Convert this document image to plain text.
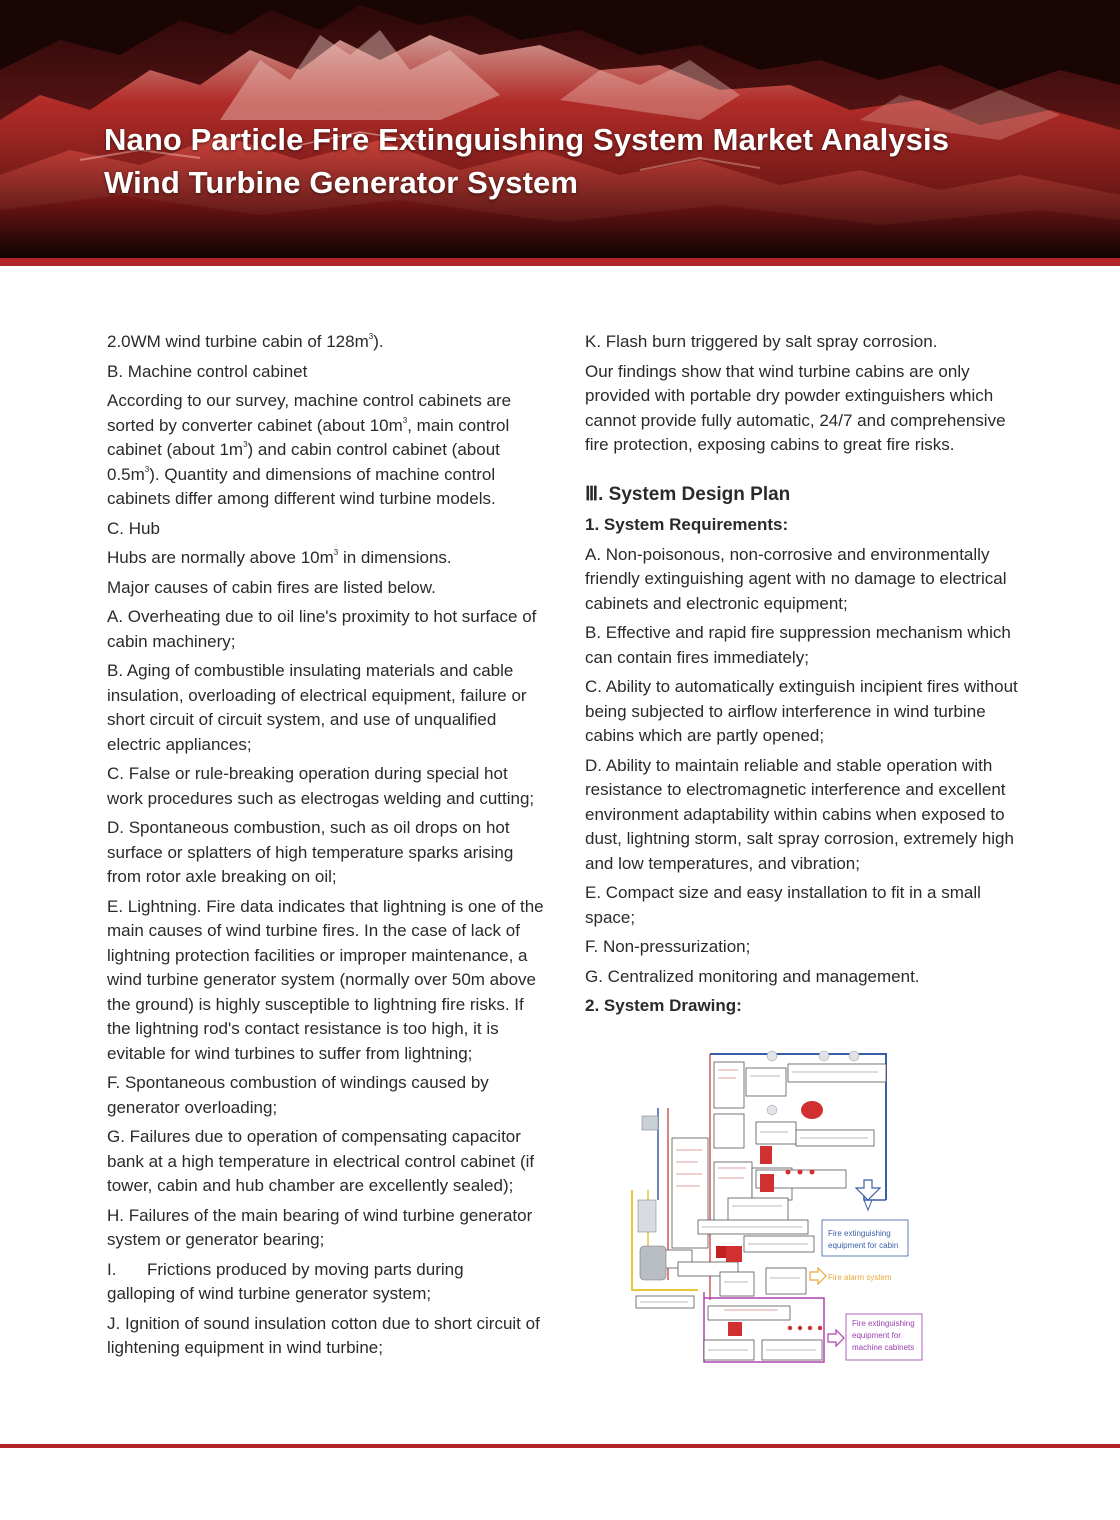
Nano Particle Fire Extinguishing System Market Analysis
Wind Turbine Generator System

2.0WM wind turbine cabin of $128m^3$).

B. Machine control cabinet

According to our survey, machine control cabinets are sorted by converter cabinet (about $10m^3$, main control cabinet (about $1m^3$) and cabin control cabinet (about $0.5m^3$). Quantity and dimensions of machine control cabinets differ among different wind turbine models.

C. Hub

Hubs are normally above $10m^3$ in dimensions.

Major causes of cabin fires are listed below.

A. Overheating due to oil line's proximity to hot surface of cabin machinery;

B. Aging of combustible insulating materials and cable insulation, overloading of electrical equipment, failure or short circuit of circuit system, and use of unqualified electric appliances;

C. False or rule-breaking operation during special hot work procedures such as electrogas welding and cutting;

D. Spontaneous combustion, such as oil drops on hot surface or splatters of high temperature sparks arising from rotor axle breaking on oil;

E. Lightning. Fire data indicates that lightning is one of the main causes of wind turbine fires. In the case of lack of lightning protection facilities or improper maintenance, a wind turbine generator system (normally over 50m above the ground) is highly susceptible to lightning fire risks. If the lightning rod's contact resistance is too high, it is evitable for wind turbines to suffer from lightning;

F. Spontaneous combustion of windings caused by generator overloading;

G. Failures due to operation of compensating capacitor bank at a high temperature in electrical control cabinet (if tower, cabin and hub chamber are excellently sealed);

H. Failures of the main bearing of wind turbine generator system or generator bearing;

I. Frictions produced by moving parts during

galloping of wind turbine generator system;

J. Ignition of sound insulation cotton due to short circuit of lightening equipment in wind turbine;

K. Flash burn triggered by salt spray corrosion.

Our findings show that wind turbine cabins are only provided with portable dry powder extinguishers which cannot provide fully automatic, 24/7 and comprehensive fire protection, exposing cabins to great fire risks.

Ⅲ. System Design Plan

1. System Requirements:

A. Non-poisonous, non-corrosive and environmentally friendly extinguishing agent with no damage to electrical cabinets and electronic equipment;

B. Effective and rapid fire suppression mechanism which can contain fires immediately;

C. Ability to automatically extinguish incipient fires without being subjected to airflow interference in wind turbine cabins which are partly opened;

D. Ability to maintain reliable and stable operation with resistance to electromagnetic interference and excellent environment adaptability within cabins when exposed to dust, lightning storm, salt spray corrosion, extremely high and low temperatures, and vibration;

E. Compact size and easy installation to fit in a small space;

F. Non-pressurization;

G. Centralized monitoring and management.

2. System Drawing:

Fire extinguishing
equipment for cabin
Fire alarm system
Fire extinguishing
equipment for
machine cabinets
